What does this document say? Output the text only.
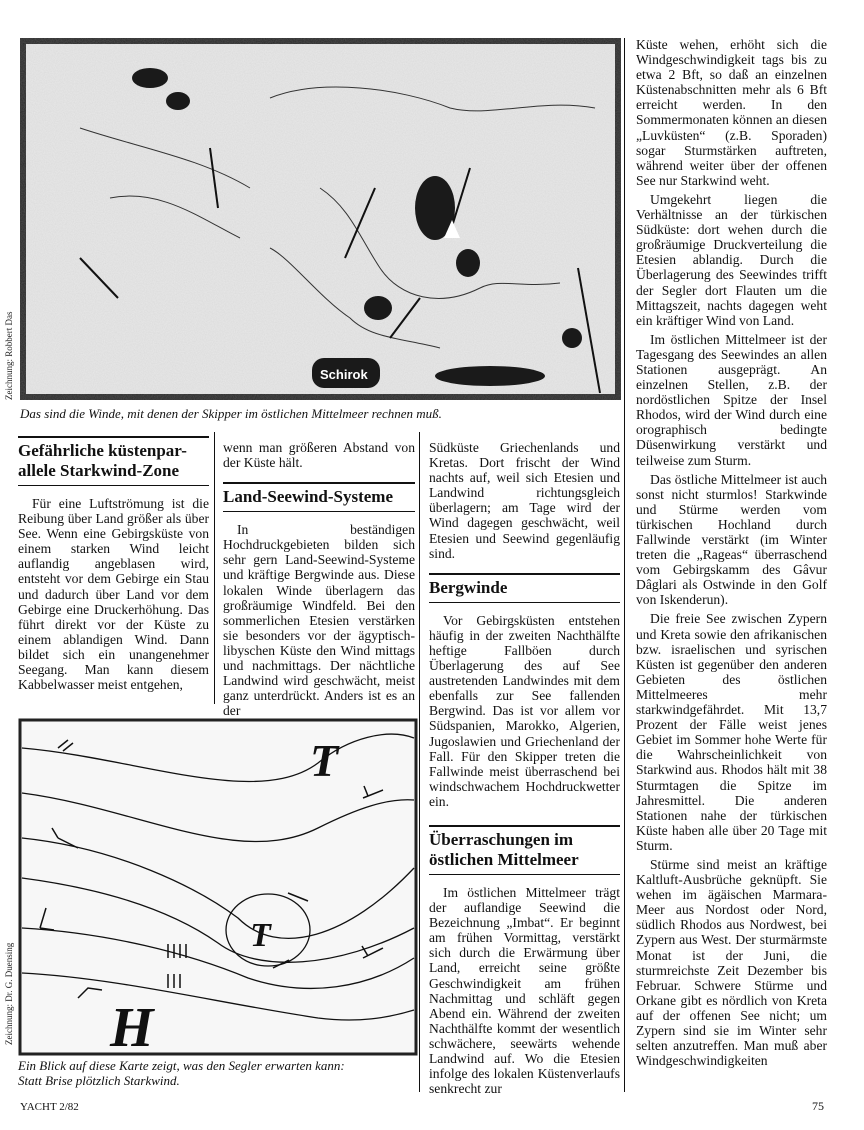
Zeichnung: Robbert Das	Schirok
Das sind die Winde, mit denen der Skipper im östlichen Mittelmeer rechnen muß.
Zeichnung: Dr. G. Duensing
T
T
H
Ein Blick auf diese Karte zeigt, was den Segler erwarten kann:
Statt Brise plötzlich Starkwind.
Gefährliche küstenpar-
allele Starkwind-Zone

Für eine Luftströmung ist die Reibung über Land größer als über See. Wenn eine Gebirgsküste von einem starken Wind leicht auflandig angeblasen wird, entsteht vor dem Gebirge ein Stau und dadurch über Land vor dem Gebirge eine Druckerhöhung. Das führt direkt vor der Küste zu einem ablandigen Wind. Dann bildet sich ein unangenehmer Seegang. Man kann diesem Kabbelwasser meist entgehen,

wenn man größeren Abstand von der Küste hält.

Land-Seewind-Systeme

In beständigen Hochdruckgebieten bilden sich sehr gern Land-Seewind-Systeme und kräftige Bergwinde aus. Diese lokalen Winde überlagern das großräumige Windfeld. Bei den sommerlichen Etesien verstärken sie besonders vor der ägyptisch-libyschen Küste den Wind mittags und nachmittags. Der nächtliche Landwind wird geschwächt, meist ganz unterdrückt. Anders ist es an der

Südküste Griechenlands und Kretas. Dort frischt der Wind nachts auf, weil sich Etesien und Landwind richtungsgleich überlagern; am Tage wird der Wind dagegen geschwächt, weil Etesien und Seewind gegenläufig sind.

Bergwinde

Vor Gebirgsküsten entstehen häufig in der zweiten Nachthälfte heftige Fallböen durch Überlagerung des auf See austretenden Landwindes mit dem ebenfalls zur See fallenden Bergwind. Das ist vor allem vor Südspanien, Marokko, Algerien, Jugoslawien und Griechenland der Fall. Für den Skipper treten die Fallwinde meist überraschend bei windschwachem Hochdruckwetter ein.

Überraschungen im
östlichen Mittelmeer

Im östlichen Mittelmeer trägt der auflandige Seewind die Bezeichnung „Imbat“. Er beginnt am frühen Vormittag, verstärkt sich durch die Erwärmung über Land, erreicht seine größte Geschwindigkeit am frühen Nachmittag und schläft gegen Abend ein. Während der zweiten Nachthälfte kommt der wesentlich schwächere, seewärts wehende Landwind auf. Wo die Etesien infolge des lokalen Küstenverlaufs senkrecht zur

Küste wehen, erhöht sich die Windgeschwindigkeit tags bis zu etwa 2 Bft, so daß an einzelnen Küstenabschnitten mehr als 6 Bft erreicht werden. In den Sommermonaten können an diesen „Luvküsten“ (z.B. Sporaden) sogar Sturmstärken auftreten, während weiter über der offenen See nur Starkwind weht.

Umgekehrt liegen die Verhältnisse an der türkischen Südküste: dort wehen durch die großräumige Druckverteilung die Etesien ablandig. Durch die Überlagerung des Seewindes trifft der Segler dort Flauten um die Mittagszeit, nachts dagegen weht ein kräftiger Wind von Land.

Im östlichen Mittelmeer ist der Tagesgang des Seewindes an allen Stationen ausgeprägt. An einzelnen Stellen, z.B. der nordöstlichen Spitze der Insel Rhodos, wird der Wind durch eine orographisch bedingte Düsenwirkung verstärkt und teilweise zum Sturm.

Das östliche Mittelmeer ist auch sonst nicht sturmlos! Starkwinde und Stürme werden vom türkischen Hochland durch Fallwinde verstärkt (im Winter treten die „Rageas“ überraschend vom Gebirgskamm des Gâvur Dâglari als Ostwinde in den Golf von Iskenderun).

Die freie See zwischen Zypern und Kreta sowie den afrikanischen bzw. israelischen und syrischen Küsten ist gegenüber den anderen Gebieten des östlichen Mittelmeeres mehr starkwindgefährdet. Mit 13,7 Prozent der Fälle weist jenes Gebiet im Sommer hohe Werte für die Wahrscheinlichkeit von Starkwind aus. Rhodos hält mit 38 Sturmtagen die Spitze im Jahresmittel. Die anderen Stationen nahe der türkischen Küste haben alle über 20 Tage mit Sturm.

Stürme sind meist an kräftige Kaltluft-Ausbrüche geknüpft. Sie wehen im ägäischen Marmara-Meer aus Nordost oder Nord, südlich Rhodos aus Nordwest, bei Zypern aus West. Der sturmärmste Monat ist der Juni, die sturmreichste Zeit Dezember bis Februar. Schwere Stürme und Orkane gibt es nördlich von Kreta auf der offenen See nicht; um Zypern sind sie im Winter sehr selten anzutreffen. Man muß aber Windgeschwindigkeiten

YACHT 2/82	75
